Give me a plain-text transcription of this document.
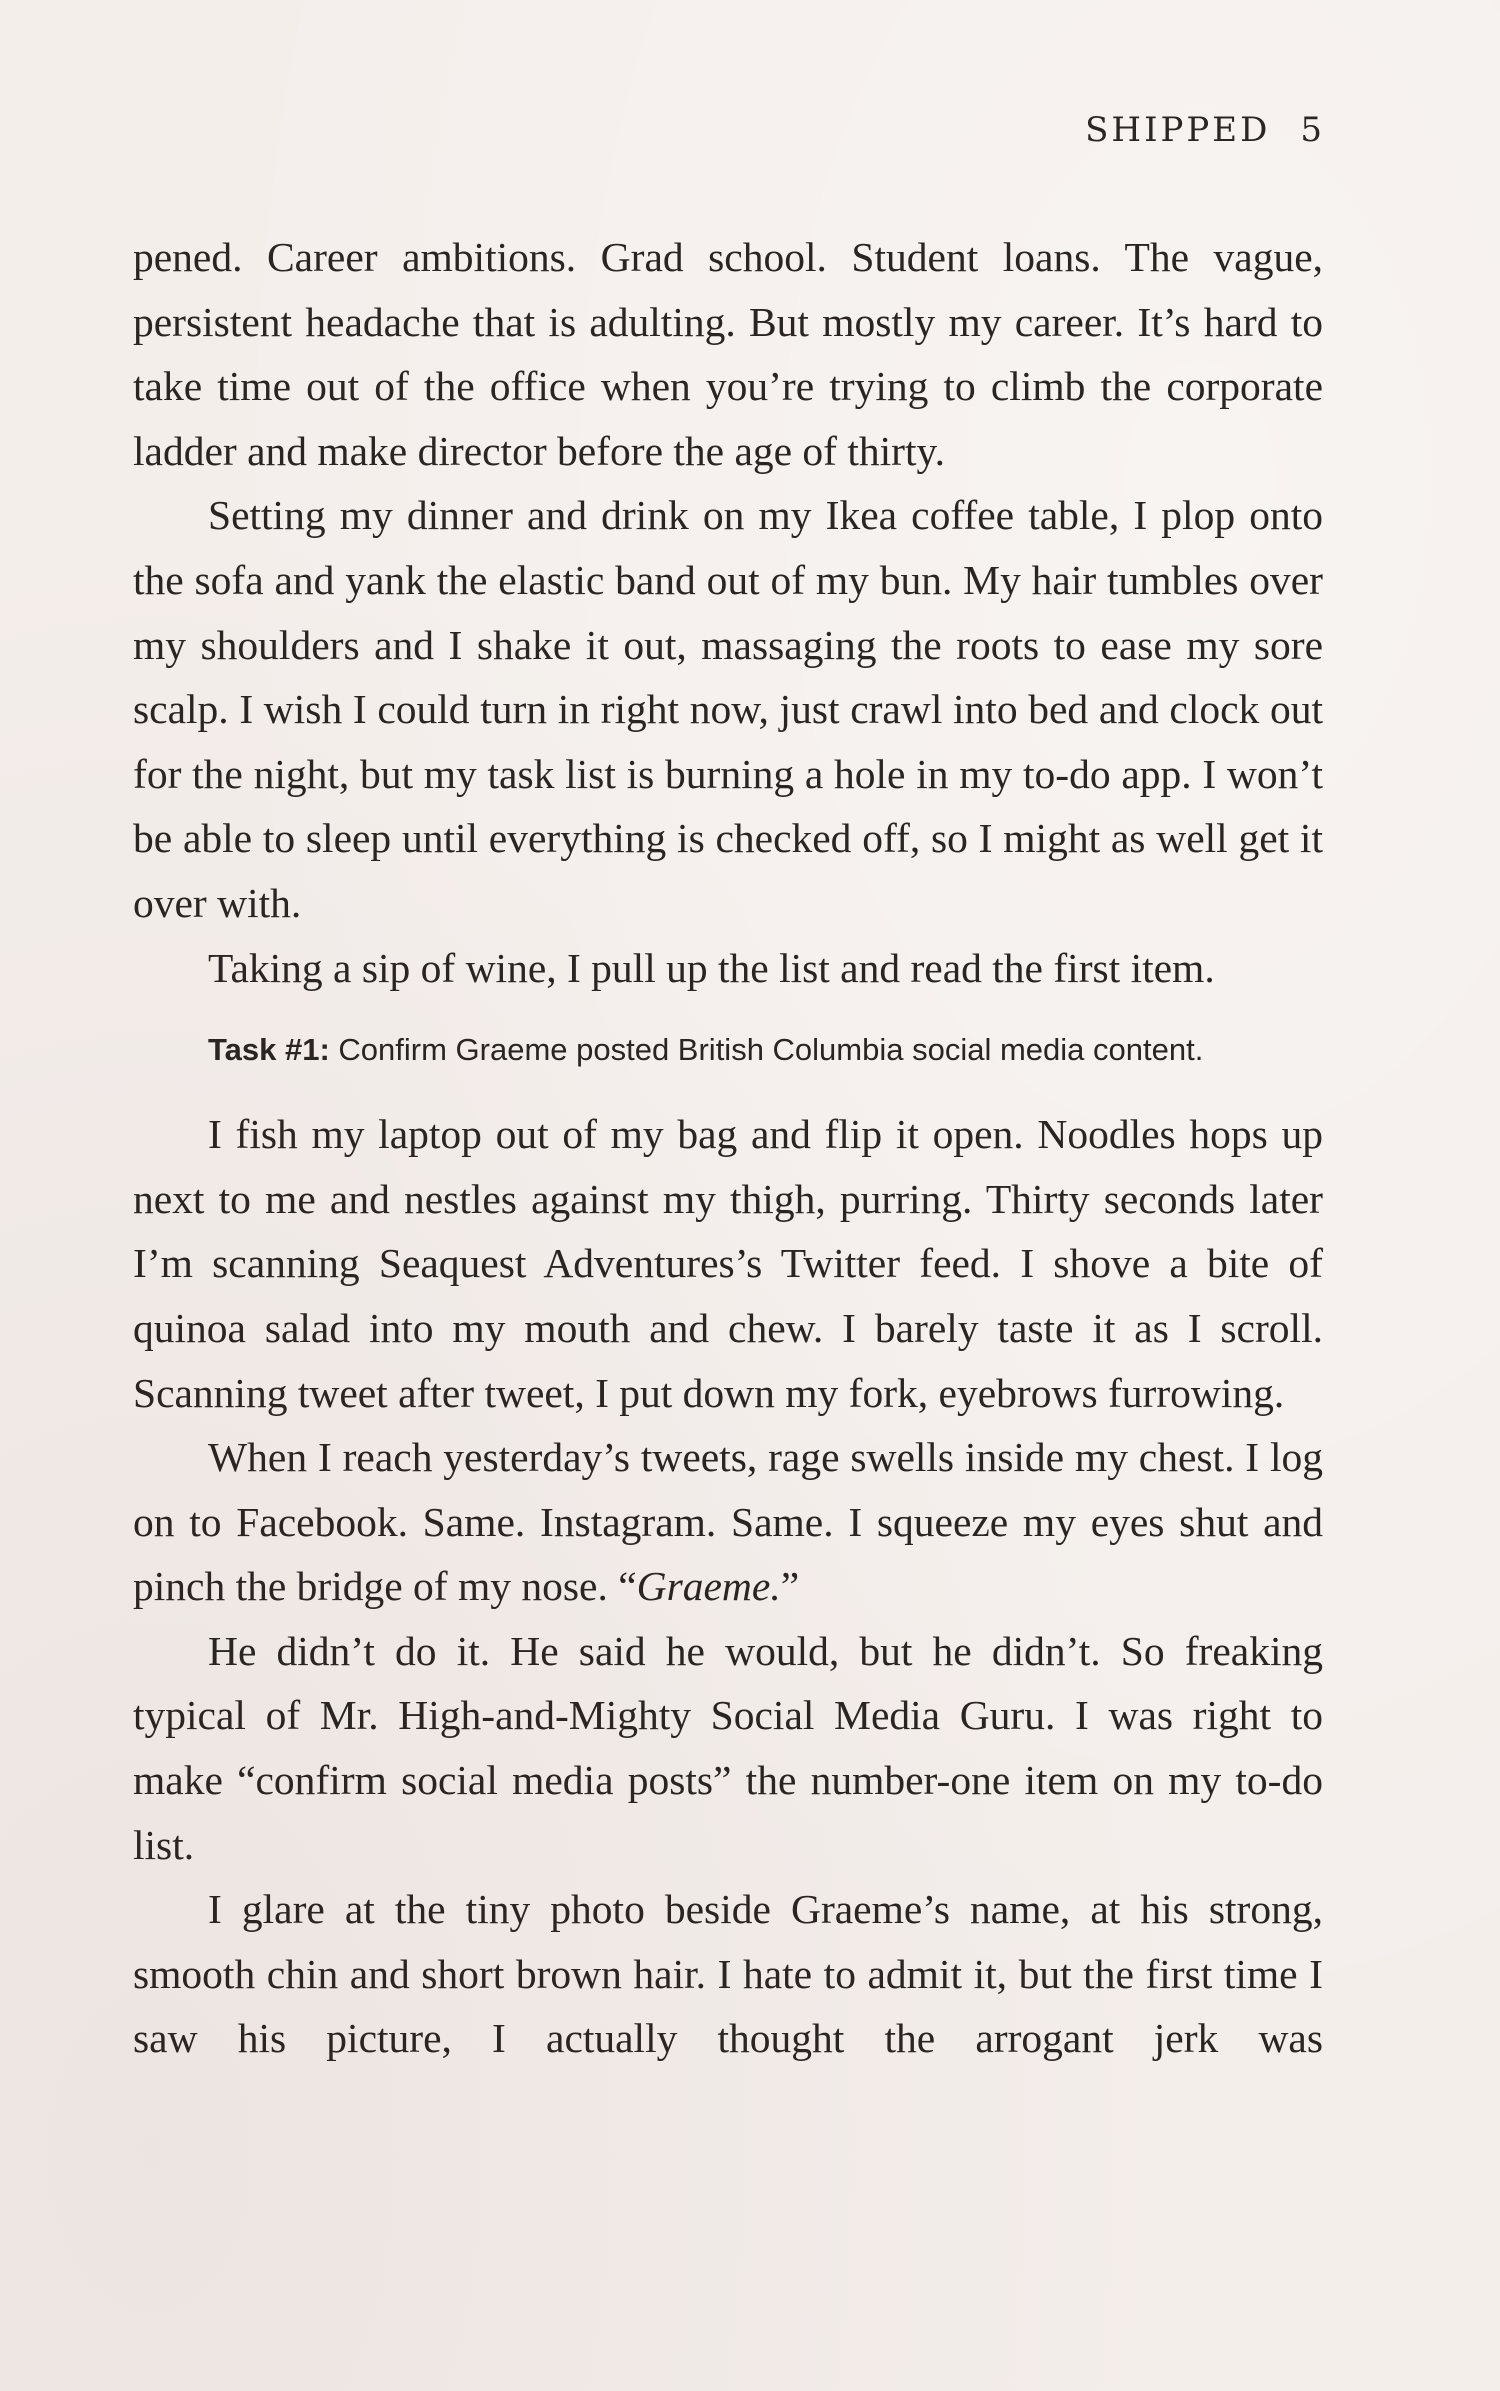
SHIPPED 5

pened. Career ambitions. Grad school. Student loans. The vague, persistent headache that is adulting. But mostly my career. It’s hard to take time out of the office when you’re trying to climb the corporate ladder and make director before the age of thirty.

Setting my dinner and drink on my Ikea coffee table, I plop onto the sofa and yank the elastic band out of my bun. My hair tumbles over my shoulders and I shake it out, massaging the roots to ease my sore scalp. I wish I could turn in right now, just crawl into bed and clock out for the night, but my task list is burning a hole in my to-do app. I won’t be able to sleep until everything is checked off, so I might as well get it over with.

Taking a sip of wine, I pull up the list and read the first item.

Task #1: Confirm Graeme posted British Columbia social media content.

I fish my laptop out of my bag and flip it open. Noodles hops up next to me and nestles against my thigh, purring. Thirty seconds later I’m scanning Seaquest Adventures’s Twitter feed. I shove a bite of quinoa salad into my mouth and chew. I barely taste it as I scroll. Scanning tweet after tweet, I put down my fork, eyebrows furrowing.

When I reach yesterday’s tweets, rage swells inside my chest. I log on to Facebook. Same. Instagram. Same. I squeeze my eyes shut and pinch the bridge of my nose. “Graeme.”

He didn’t do it. He said he would, but he didn’t. So freaking typical of Mr. High-and-Mighty Social Media Guru. I was right to make “confirm social media posts” the number-one item on my to-do list.

I glare at the tiny photo beside Graeme’s name, at his strong, smooth chin and short brown hair. I hate to admit it, but the first time I saw his picture, I actually thought the arrogant jerk was
